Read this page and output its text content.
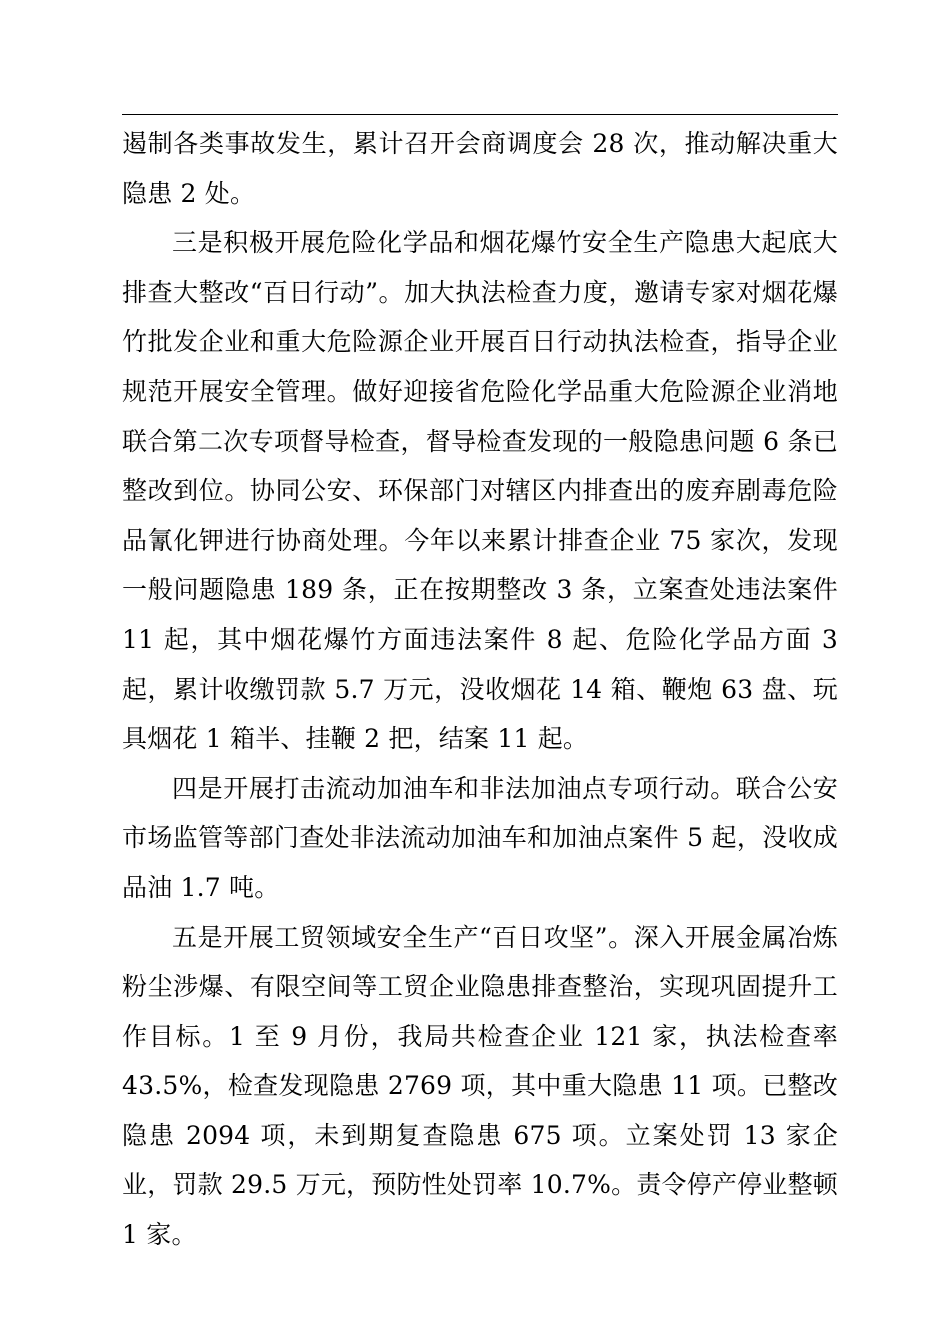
遏制各类事故发生，累计召开会商调度会 28 次，推动解决重大隐患 2 处。

三是积极开展危险化学品和烟花爆竹安全生产隐患大起底大排查大整改“百日行动”。加大执法检查力度，邀请专家对烟花爆竹批发企业和重大危险源企业开展百日行动执法检查，指导企业规范开展安全管理。做好迎接省危险化学品重大危险源企业消地联合第二次专项督导检查，督导检查发现的一般隐患问题 6 条已整改到位。协同公安、环保部门对辖区内排查出的废弃剧毒危险品氰化钾进行协商处理。今年以来累计排查企业 75 家次，发现一般问题隐患 189 条，正在按期整改 3 条，立案查处违法案件 11 起，其中烟花爆竹方面违法案件 8 起、危险化学品方面 3 起，累计收缴罚款 5.7 万元，没收烟花 14 箱、鞭炮 63 盘、玩具烟花 1 箱半、挂鞭 2 把，结案 11 起。

四是开展打击流动加油车和非法加油点专项行动。联合公安市场监管等部门查处非法流动加油车和加油点案件 5 起，没收成品油 1.7 吨。

五是开展工贸领域安全生产“百日攻坚”。深入开展金属冶炼粉尘涉爆、有限空间等工贸企业隐患排查整治，实现巩固提升工作目标。1 至 9 月份，我局共检查企业 121 家，执法检查率 43.5%，检查发现隐患 2769 项，其中重大隐患 11 项。已整改隐患 2094 项，未到期复查隐患 675 项。立案处罚 13 家企业，罚款 29.5 万元，预防性处罚率 10.7%。责令停产停业整顿 1 家。
